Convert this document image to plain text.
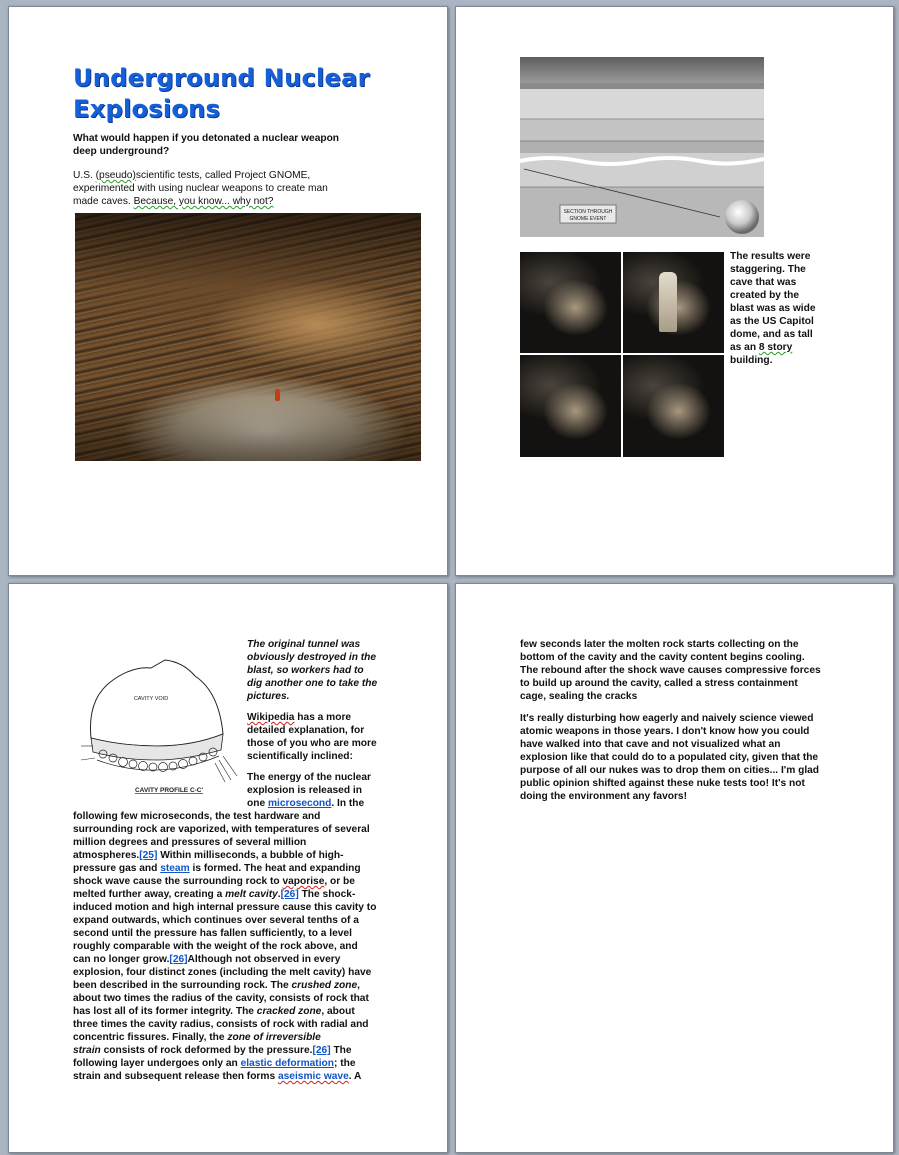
Underground Nuclear
Explosions
What would happen if you detonated a nuclear weapon
deep underground?
U.S. (pseudo)scientific tests, called Project GNOME,
experimented with using nuclear weapons to create man
made caves. Because, you know... why not?
SECTION THROUGH
GNOME EVENT
The results were
staggering. The
cave that was
created by the
blast was as wide
as the US Capitol
dome, and as tall
as an 8 story
building.
CAVITY VOID
CAVITY PROFILE C-C'
The original tunnel was
obviously destroyed in the
blast, so workers had to
dig another one to take the
pictures.
Wikipedia has a more
detailed explanation, for
those of you who are more
scientifically inclined:
The energy of the nuclear
explosion is released in
one microsecond. In the
following few microseconds, the test hardware and
surrounding rock are vaporized, with temperatures of several
million degrees and pressures of several million
atmospheres.[25] Within milliseconds, a bubble of high-
pressure gas and steam is formed. The heat and expanding
shock wave cause the surrounding rock to vaporise, or be
melted further away, creating a melt cavity.[26] The shock-
induced motion and high internal pressure cause this cavity to
expand outwards, which continues over several tenths of a
second until the pressure has fallen sufficiently, to a level
roughly comparable with the weight of the rock above, and
can no longer grow.[26]Although not observed in every
explosion, four distinct zones (including the melt cavity) have
been described in the surrounding rock. The crushed zone,
about two times the radius of the cavity, consists of rock that
has lost all of its former integrity. The cracked zone, about
three times the cavity radius, consists of rock with radial and
concentric fissures. Finally, the zone of irreversible
strain consists of rock deformed by the pressure.[26] The
following layer undergoes only an elastic deformation; the
strain and subsequent release then forms aseismic wave. A
few seconds later the molten rock starts collecting on the
bottom of the cavity and the cavity content begins cooling.
The rebound after the shock wave causes compressive forces
to build up around the cavity, called a stress containment
cage, sealing the cracks
It's really disturbing how eagerly and naively science viewed
atomic weapons in those years. I don't know how you could
have walked into that cave and not visualized what an
explosion like that could do to a populated city, given that the
purpose of all our nukes was to drop them on cities... I'm glad
public opinion shifted against these nuke tests too! It's not
doing the environment any favors!
